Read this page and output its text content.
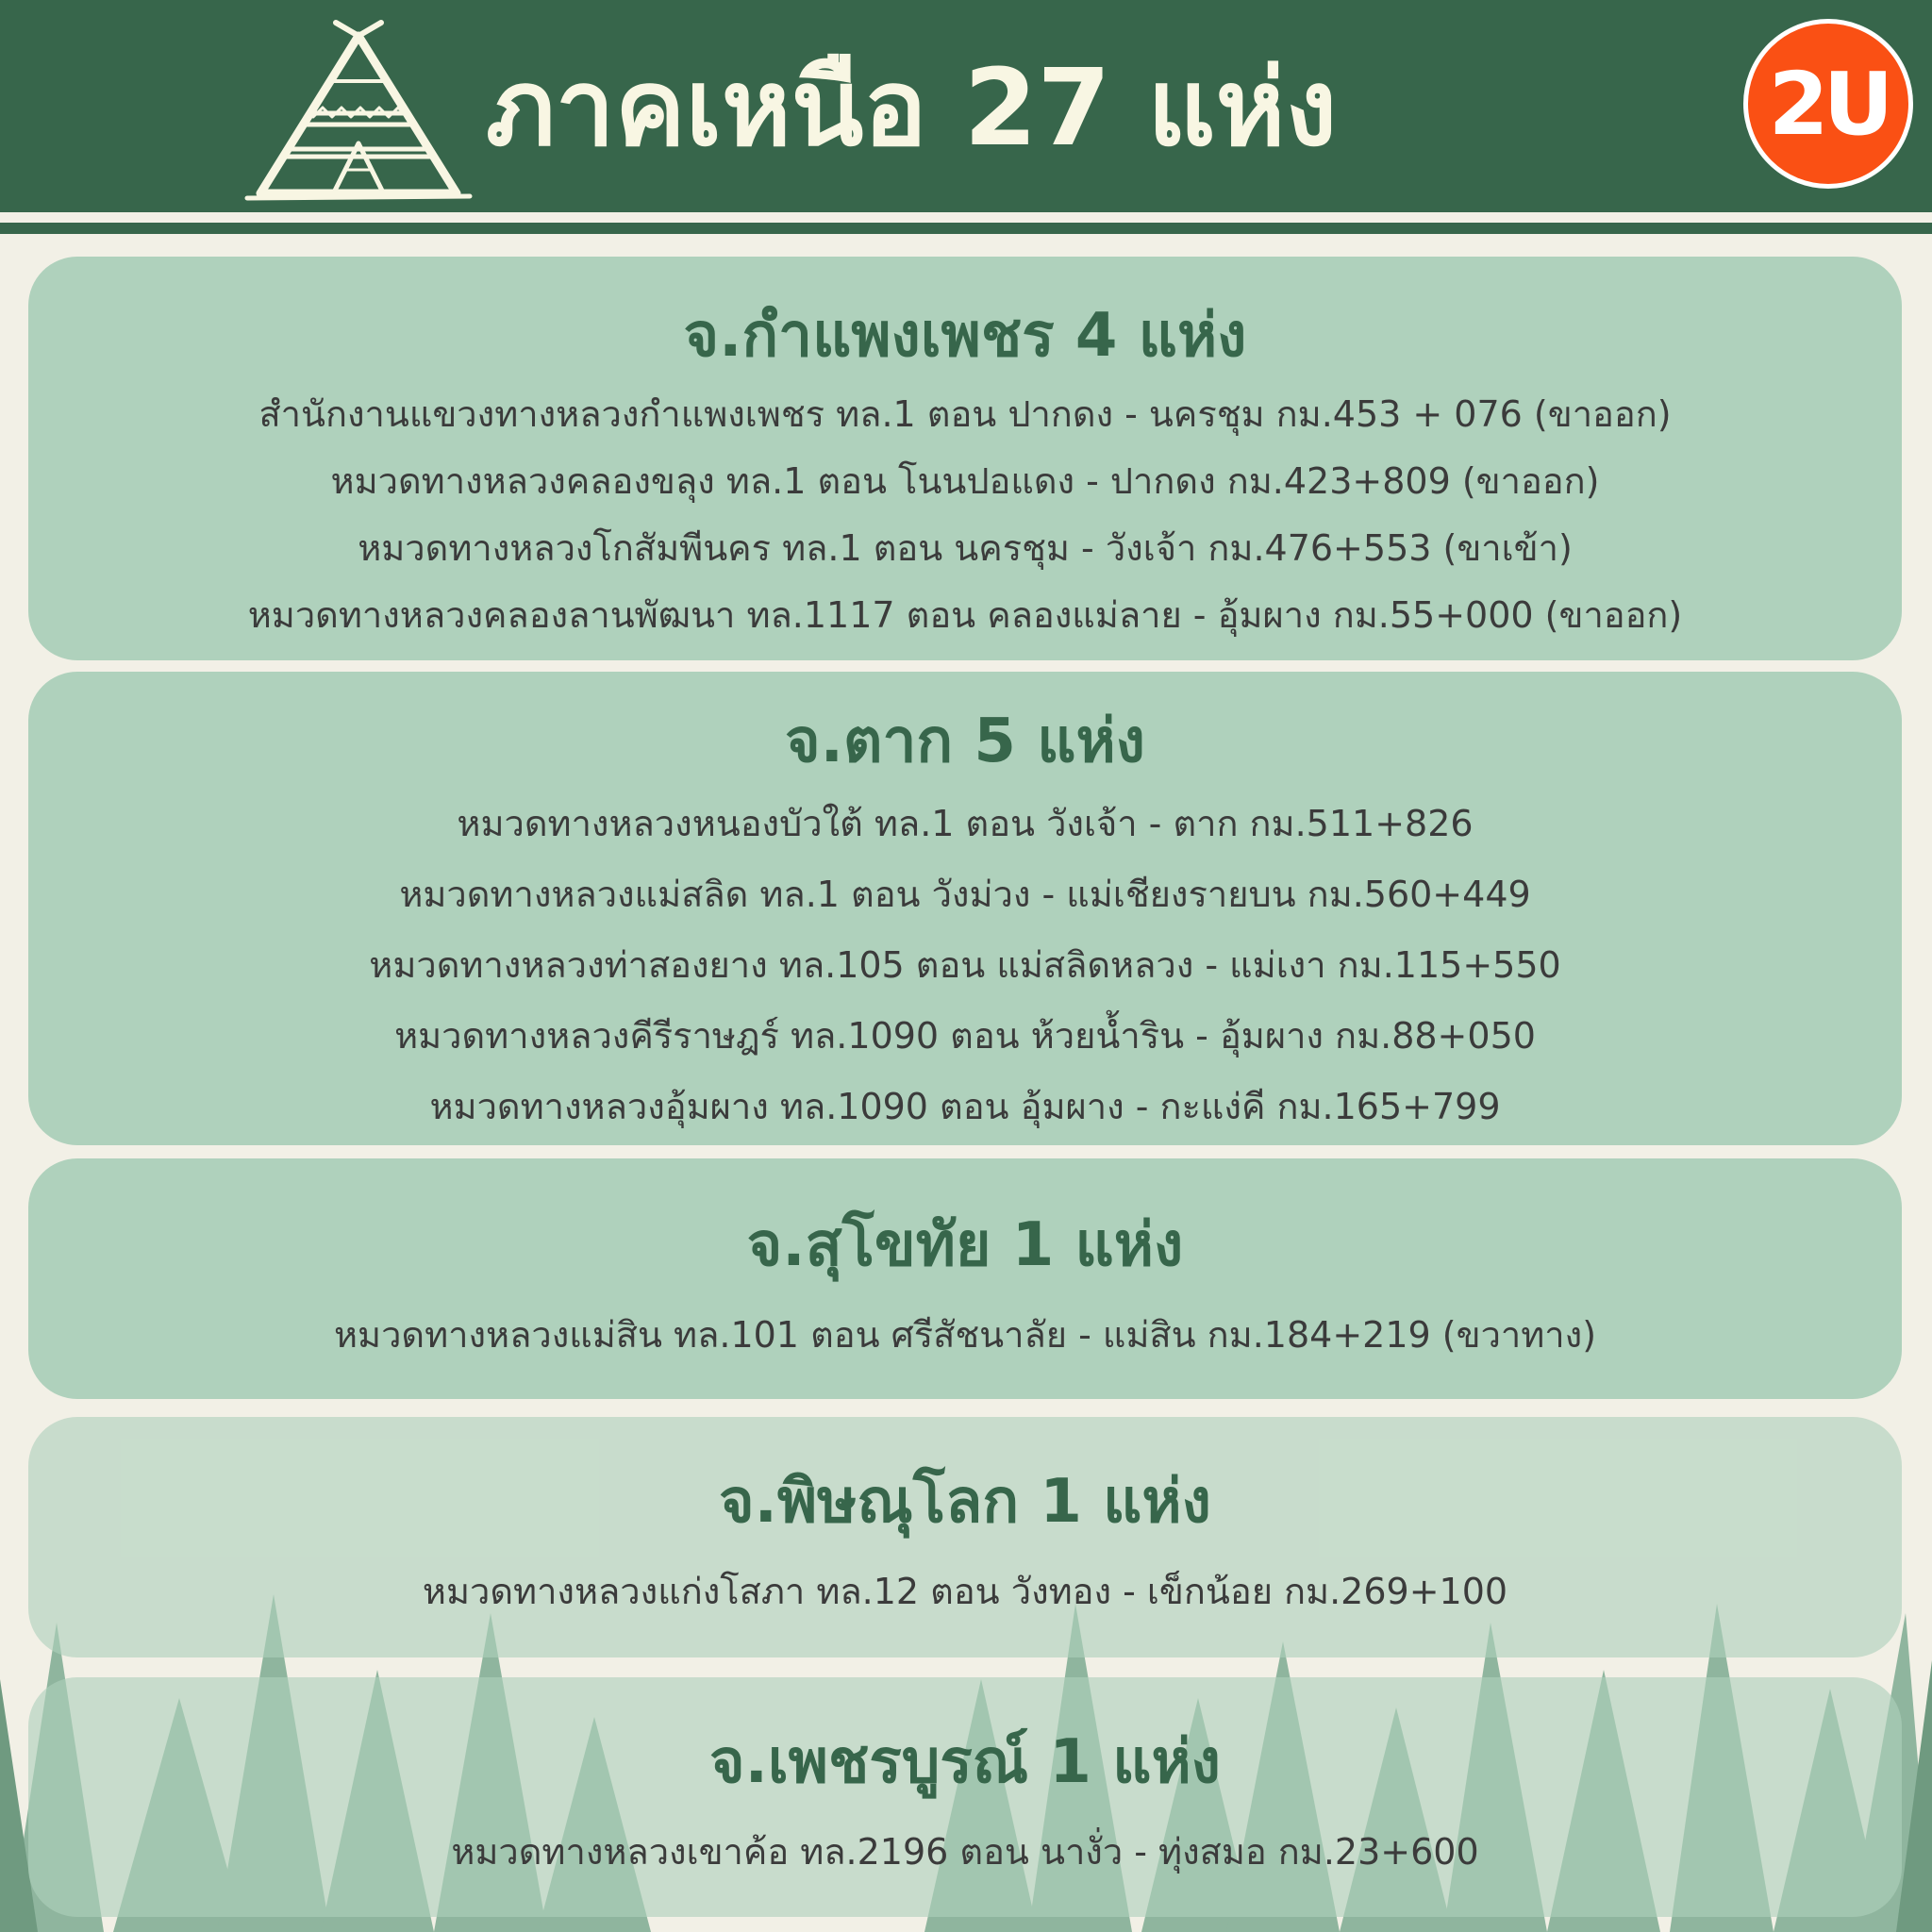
ภาคเหนือ 27 แห่ง	2U
จ.กำแพงเพชร 4 แห่ง
สำนักงานแขวงทางหลวงกำแพงเพชร ทล.1 ตอน ปากดง - นครชุม กม.453 + 076 (ขาออก)
หมวดทางหลวงคลองขลุง ทล.1 ตอน โนนปอแดง - ปากดง กม.423+809 (ขาออก)
หมวดทางหลวงโกสัมพีนคร ทล.1 ตอน นครชุม - วังเจ้า กม.476+553 (ขาเข้า)
หมวดทางหลวงคลองลานพัฒนา ทล.1117 ตอน คลองแม่ลาย - อุ้มผาง กม.55+000 (ขาออก)
จ.ตาก 5 แห่ง
หมวดทางหลวงหนองบัวใต้ ทล.1 ตอน วังเจ้า - ตาก กม.511+826
หมวดทางหลวงแม่สลิด ทล.1 ตอน วังม่วง - แม่เชียงรายบน กม.560+449
หมวดทางหลวงท่าสองยาง ทล.105 ตอน แม่สลิดหลวง - แม่เงา กม.115+550
หมวดทางหลวงคีรีราษฎร์ ทล.1090 ตอน ห้วยน้ำริน - อุ้มผาง กม.88+050
หมวดทางหลวงอุ้มผาง ทล.1090 ตอน อุ้มผาง - กะแง่คี กม.165+799
จ.สุโขทัย 1 แห่ง
หมวดทางหลวงแม่สิน ทล.101 ตอน ศรีสัชนาลัย - แม่สิน กม.184+219 (ขวาทาง)
จ.พิษณุโลก 1 แห่ง
หมวดทางหลวงแก่งโสภา ทล.12 ตอน วังทอง - เข็กน้อย กม.269+100
จ.เพชรบูรณ์ 1 แห่ง
หมวดทางหลวงเขาค้อ ทล.2196 ตอน นางั่ว - ทุ่งสมอ กม.23+600
